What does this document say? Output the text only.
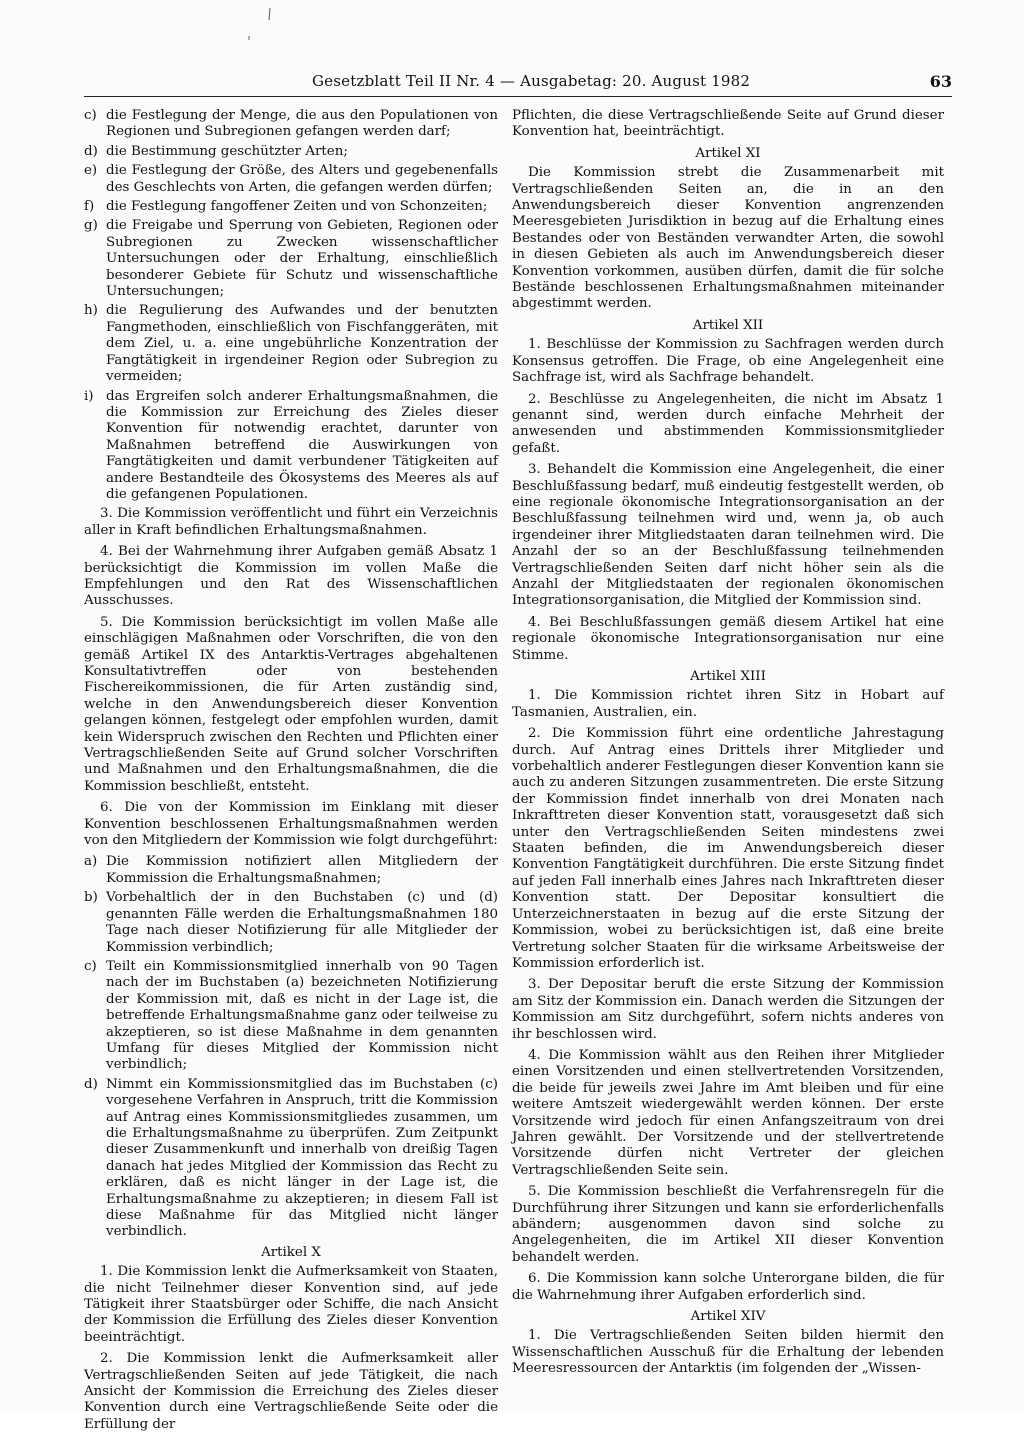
Gesetzblatt Teil II Nr. 4 — Ausgabetag: 20. August 1982	63
c) die Festlegung der Menge, die aus den Populationen von Regionen und Subregionen gefangen werden darf;
d) die Bestimmung geschützter Arten;
e) die Festlegung der Größe, des Alters und gegebenenfalls des Geschlechts von Arten, die gefangen werden dürfen;
f) die Festlegung fangoffener Zeiten und von Schonzeiten;
g) die Freigabe und Sperrung von Gebieten, Regionen oder Subregionen zu Zwecken wissenschaftlicher Untersuchungen oder der Erhaltung, einschließlich besonderer Gebiete für Schutz und wissenschaftliche Untersuchungen;
h) die Regulierung des Aufwandes und der benutzten Fangmethoden, einschließlich von Fischfanggeräten, mit dem Ziel, u. a. eine ungebührliche Konzentration der Fangtätigkeit in irgendeiner Region oder Subregion zu vermeiden;
i) das Ergreifen solch anderer Erhaltungsmaßnahmen, die die Kommission zur Erreichung des Zieles dieser Konvention für notwendig erachtet, darunter von Maßnahmen betreffend die Auswirkungen von Fangtätigkeiten und damit verbundener Tätigkeiten auf andere Bestandteile des Ökosystems des Meeres als auf die gefangenen Populationen.

3. Die Kommission veröffentlicht und führt ein Verzeichnis aller in Kraft befindlichen Erhaltungsmaßnahmen.

4. Bei der Wahrnehmung ihrer Aufgaben gemäß Absatz 1 berücksichtigt die Kommission im vollen Maße die Empfehlungen und den Rat des Wissenschaftlichen Ausschusses.

5. Die Kommission berücksichtigt im vollen Maße alle einschlägigen Maßnahmen oder Vorschriften, die von den gemäß Artikel IX des Antarktis-Vertrages abgehaltenen Konsultativtreffen oder von bestehenden Fischereikommissionen, die für Arten zuständig sind, welche in den Anwendungsbereich dieser Konvention gelangen können, festgelegt oder empfohlen wurden, damit kein Widerspruch zwischen den Rechten und Pflichten einer Vertragschließenden Seite auf Grund solcher Vorschriften und Maßnahmen und den Erhaltungsmaßnahmen, die die Kommission beschließt, entsteht.

6. Die von der Kommission im Einklang mit dieser Konvention beschlossenen Erhaltungsmaßnahmen werden von den Mitgliedern der Kommission wie folgt durchgeführt:

a) Die Kommission notifiziert allen Mitgliedern der Kommission die Erhaltungsmaßnahmen;
b) Vorbehaltlich der in den Buchstaben (c) und (d) genannten Fälle werden die Erhaltungsmaßnahmen 180 Tage nach dieser Notifizierung für alle Mitglieder der Kommission verbindlich;
c) Teilt ein Kommissionsmitglied innerhalb von 90 Tagen nach der im Buchstaben (a) bezeichneten Notifizierung der Kommission mit, daß es nicht in der Lage ist, die betreffende Erhaltungsmaßnahme ganz oder teilweise zu akzeptieren, so ist diese Maßnahme in dem genannten Umfang für dieses Mitglied der Kommission nicht verbindlich;
d) Nimmt ein Kommissionsmitglied das im Buchstaben (c) vorgesehene Verfahren in Anspruch, tritt die Kommission auf Antrag eines Kommissionsmitgliedes zusammen, um die Erhaltungsmaßnahme zu überprüfen. Zum Zeitpunkt dieser Zusammenkunft und innerhalb von dreißig Tagen danach hat jedes Mitglied der Kommission das Recht zu erklären, daß es nicht länger in der Lage ist, die Erhaltungsmaßnahme zu akzeptieren; in diesem Fall ist diese Maßnahme für das Mitglied nicht länger verbindlich.
Artikel X

1. Die Kommission lenkt die Aufmerksamkeit von Staaten, die nicht Teilnehmer dieser Konvention sind, auf jede Tätigkeit ihrer Staatsbürger oder Schiffe, die nach Ansicht der Kommission die Erfüllung des Zieles dieser Konvention beeinträchtigt.

2. Die Kommission lenkt die Aufmerksamkeit aller Vertragschließenden Seiten auf jede Tätigkeit, die nach Ansicht der Kommission die Erreichung des Zieles dieser Konvention durch eine Vertragschließende Seite oder die Erfüllung der

Pflichten, die diese Vertragschließende Seite auf Grund dieser Konvention hat, beeinträchtigt.

Artikel XI

Die Kommission strebt die Zusammenarbeit mit Vertragschließenden Seiten an, die in an den Anwendungsbereich dieser Konvention angrenzenden Meeresgebieten Jurisdiktion in bezug auf die Erhaltung eines Bestandes oder von Beständen verwandter Arten, die sowohl in diesen Gebieten als auch im Anwendungsbereich dieser Konvention vorkommen, ausüben dürfen, damit die für solche Bestände beschlossenen Erhaltungsmaßnahmen miteinander abgestimmt werden.

Artikel XII

1. Beschlüsse der Kommission zu Sachfragen werden durch Konsensus getroffen. Die Frage, ob eine Angelegenheit eine Sachfrage ist, wird als Sachfrage behandelt.

2. Beschlüsse zu Angelegenheiten, die nicht im Absatz 1 genannt sind, werden durch einfache Mehrheit der anwesenden und abstimmenden Kommissionsmitglieder gefaßt.

3. Behandelt die Kommission eine Angelegenheit, die einer Beschlußfassung bedarf, muß eindeutig festgestellt werden, ob eine regionale ökonomische Integrationsorganisation an der Beschlußfassung teilnehmen wird und, wenn ja, ob auch irgendeiner ihrer Mitgliedstaaten daran teilnehmen wird. Die Anzahl der so an der Beschlußfassung teilnehmenden Vertragschließenden Seiten darf nicht höher sein als die Anzahl der Mitgliedstaaten der regionalen ökonomischen Integrationsorganisation, die Mitglied der Kommission sind.

4. Bei Beschlußfassungen gemäß diesem Artikel hat eine regionale ökonomische Integrationsorganisation nur eine Stimme.

Artikel XIII

1. Die Kommission richtet ihren Sitz in Hobart auf Tasmanien, Australien, ein.

2. Die Kommission führt eine ordentliche Jahrestagung durch. Auf Antrag eines Drittels ihrer Mitglieder und vorbehaltlich anderer Festlegungen dieser Konvention kann sie auch zu anderen Sitzungen zusammentreten. Die erste Sitzung der Kommission findet innerhalb von drei Monaten nach Inkrafttreten dieser Konvention statt, vorausgesetzt daß sich unter den Vertragschließenden Seiten mindestens zwei Staaten befinden, die im Anwendungsbereich dieser Konvention Fangtätigkeit durchführen. Die erste Sitzung findet auf jeden Fall innerhalb eines Jahres nach Inkrafttreten dieser Konvention statt. Der Depositar konsultiert die Unterzeichnerstaaten in bezug auf die erste Sitzung der Kommission, wobei zu berücksichtigen ist, daß eine breite Vertretung solcher Staaten für die wirksame Arbeitsweise der Kommission erforderlich ist.

3. Der Depositar beruft die erste Sitzung der Kommission am Sitz der Kommission ein. Danach werden die Sitzungen der Kommission am Sitz durchgeführt, sofern nichts anderes von ihr beschlossen wird.

4. Die Kommission wählt aus den Reihen ihrer Mitglieder einen Vorsitzenden und einen stellvertretenden Vorsitzenden, die beide für jeweils zwei Jahre im Amt bleiben und für eine weitere Amtszeit wiedergewählt werden können. Der erste Vorsitzende wird jedoch für einen Anfangszeitraum von drei Jahren gewählt. Der Vorsitzende und der stellvertretende Vorsitzende dürfen nicht Vertreter der gleichen Vertragschließenden Seite sein.

5. Die Kommission beschließt die Verfahrensregeln für die Durchführung ihrer Sitzungen und kann sie erforderlichenfalls abändern; ausgenommen davon sind solche zu Angelegenheiten, die im Artikel XII dieser Konvention behandelt werden.

6. Die Kommission kann solche Unterorgane bilden, die für die Wahrnehmung ihrer Aufgaben erforderlich sind.

Artikel XIV

1. Die Vertragschließenden Seiten bilden hiermit den Wissenschaftlichen Ausschuß für die Erhaltung der lebenden Meeresressourcen der Antarktis (im folgenden der „Wissen-
